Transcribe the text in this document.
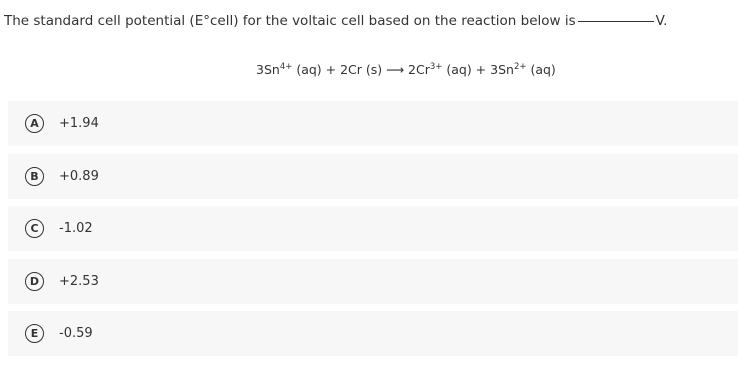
The standard cell potential (E°cell) for the voltaic cell based on the reaction below is	V.
$3Sn^{4+}$ (aq) + 2Cr (s) ⟶ $2Cr^{3+}$ $(aq) + 3Sn^{2+}$ (aq)
A	+1.94
B	+0.89
C	-1.02
D	+2.53
E	-0.59
